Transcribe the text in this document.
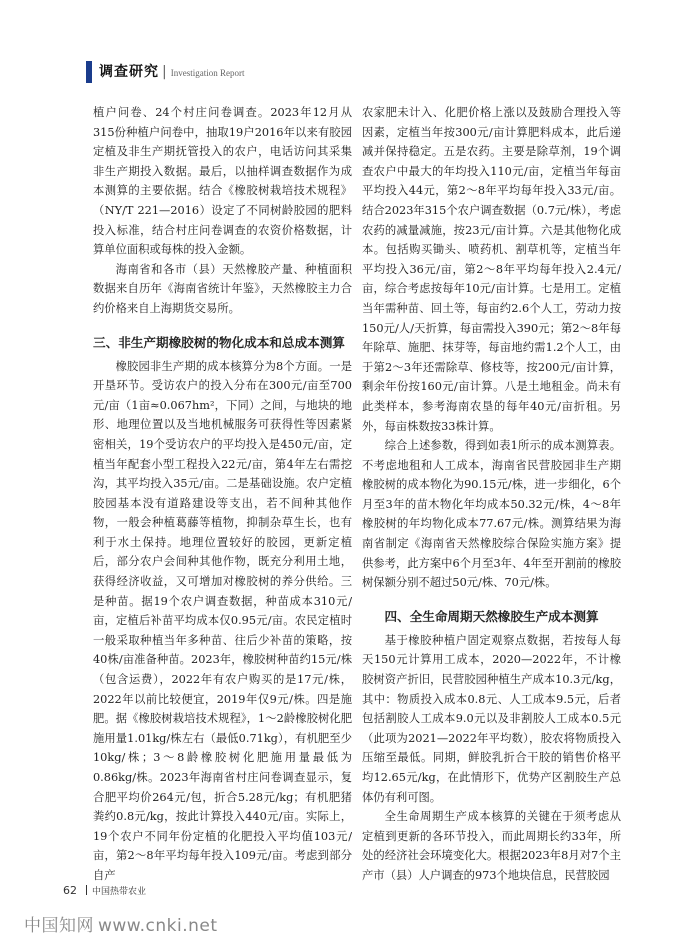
调查研究 | Investigation Report

植户问卷、24个村庄问卷调查。2023年12月从315份种植户问卷中，抽取19户2016年以来有胶园定植及非生产期抚管投入的农户，电话访问其采集非生产期投入数据。最后，以抽样调查数据作为成本测算的主要依据。结合《橡胶树栽培技术规程》（NY/T 221—2016）设定了不同树龄胶园的肥料投入标准，结合村庄问卷调查的农资价格数据，计算单位面积或每株的投入金额。

海南省和各市（县）天然橡胶产量、种植面积数据来自历年《海南省统计年鉴》，天然橡胶主力合约价格来自上海期货交易所。

三、非生产期橡胶树的物化成本和总成本测算

橡胶园非生产期的成本核算分为8个方面。一是开垦环节。受访农户的投入分布在300元/亩至700元/亩（1亩≈0.067hm²，下同）之间，与地块的地形、地理位置以及当地机械服务可获得性等因素紧密相关，19个受访农户的平均投入是450元/亩，定植当年配套小型工程投入22元/亩，第4年左右需挖沟，其平均投入35元/亩。二是基础设施。农户定植胶园基本没有道路建设等支出，若不间种其他作物，一般会种植葛藤等植物，抑制杂草生长，也有利于水土保持。地理位置较好的胶园，更新定植后，部分农户会间种其他作物，既充分利用土地，获得经济收益，又可增加对橡胶树的养分供给。三是种苗。据19个农户调查数据，种苗成本310元/亩，定植后补苗平均成本仅0.95元/亩。农民定植时一般采取种植当年多种苗、往后少补苗的策略，按40株/亩准备种苗。2023年，橡胶树种苗约15元/株（包含运费），2022年有农户购买的是17元/株，2022年以前比较便宜，2019年仅9元/株。四是施肥。据《橡胶树栽培技术规程》，1～2龄橡胶树化肥施用量1.01kg/株左右（最低0.71kg），有机肥至少10kg/株；3～8龄橡胶树化肥施用量最低为0.86kg/株。2023年海南省村庄问卷调查显示，复合肥平均价264元/包，折合5.28元/kg；有机肥猪粪约0.8元/kg，按此计算投入440元/亩。实际上，19个农户不同年份定植的化肥投入平均值103元/亩，第2～8年平均每年投入109元/亩。考虑到部分自产

农家肥未计入、化肥价格上涨以及鼓励合理投入等因素，定植当年按300元/亩计算肥料成本，此后递减并保持稳定。五是农药。主要是除草剂，19个调查农户中最大的年均投入110元/亩，定植当年每亩平均投入44元，第2～8年平均每年投入33元/亩。结合2023年315个农户调查数据（0.7元/株），考虑农药的减量减施，按23元/亩计算。六是其他物化成本。包括购买锄头、喷药机、割草机等，定植当年平均投入36元/亩，第2～8年平均每年投入2.4元/亩，综合考虑按每年10元/亩计算。七是用工。定植当年需种苗、回土等，每亩约2.6个人工，劳动力按150元/人/天折算，每亩需投入390元；第2～8年每年除草、施肥、抹芽等，每亩地约需1.2个人工，由于第2～3年还需除草、修枝等，按200元/亩计算，剩余年份按160元/亩计算。八是土地租金。尚未有此类样本，参考海南农垦的每年40元/亩折租。另外，每亩株数按33株计算。

综合上述参数，得到如表1所示的成本测算表。不考虑地租和人工成本，海南省民营胶园非生产期橡胶树的成本物化为90.15元/株，进一步细化，6个月至3年的苗木物化年均成本50.32元/株，4～8年橡胶树的年均物化成本77.67元/株。测算结果为海南省制定《海南省天然橡胶综合保险实施方案》提供参考，此方案中6个月至3年、4年至开割前的橡胶树保额分别不超过50元/株、70元/株。

四、全生命周期天然橡胶生产成本测算

基于橡胶种植户固定观察点数据，若按每人每天150元计算用工成本，2020—2022年，不计橡胶树资产折旧，民营胶园种植生产成本10.3元/kg，其中：物质投入成本0.8元、人工成本9.5元，后者包括割胶人工成本9.0元以及非割胶人工成本0.5元（此项为2021—2022年平均数），胶农将物质投入压缩至最低。同期，鲜胶乳折合干胶的销售价格平均12.65元/kg，在此情形下，优势产区割胶生产总体仍有利可图。

全生命周期生产成本核算的关键在于须考虑从定植到更新的各环节投入，而此周期长约33年，所处的经济社会环境变化大。根据2023年8月对7个主产市（县）人户调查的973个地块信息，民营胶园

62 中国热带农业
中国知网 www.cnki.net
